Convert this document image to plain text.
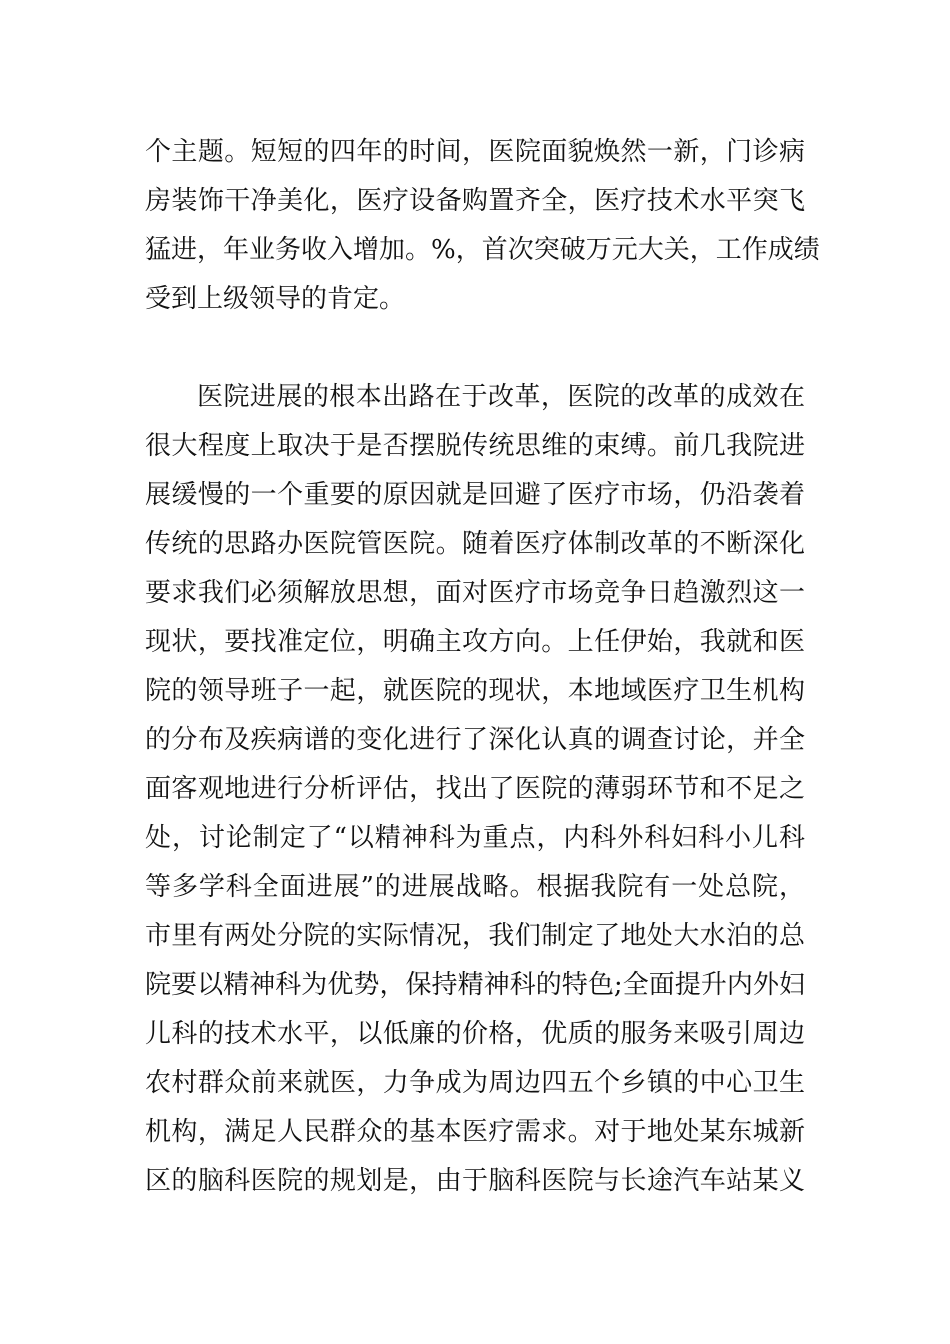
个主题。短短的四年的时间，医院面貌焕然一新，门诊病
房装饰干净美化，医疗设备购置齐全，医疗技术水平突飞
猛进，年业务收入增加。%，首次突破万元大关，工作成绩
受到上级领导的肯定。
医院进展的根本出路在于改革，医院的改革的成效在
很大程度上取决于是否摆脱传统思维的束缚。前几我院进
展缓慢的一个重要的原因就是回避了医疗市场，仍沿袭着
传统的思路办医院管医院。随着医疗体制改革的不断深化
要求我们必须解放思想，面对医疗市场竞争日趋激烈这一
现状，要找准定位，明确主攻方向。上任伊始，我就和医
院的领导班子一起，就医院的现状，本地域医疗卫生机构
的分布及疾病谱的变化进行了深化认真的调查讨论，并全
面客观地进行分析评估，找出了医院的薄弱环节和不足之
处，讨论制定了“以精神科为重点，内科外科妇科小儿科
等多学科全面进展”的进展战略。根据我院有一处总院，
市里有两处分院的实际情况，我们制定了地处大水泊的总
院要以精神科为优势，保持精神科的特色;全面提升内外妇
儿科的技术水平，以低廉的价格，优质的服务来吸引周边
农村群众前来就医，力争成为周边四五个乡镇的中心卫生
机构，满足人民群众的基本医疗需求。对于地处某东城新
区的脑科医院的规划是，由于脑科医院与长途汽车站某义
